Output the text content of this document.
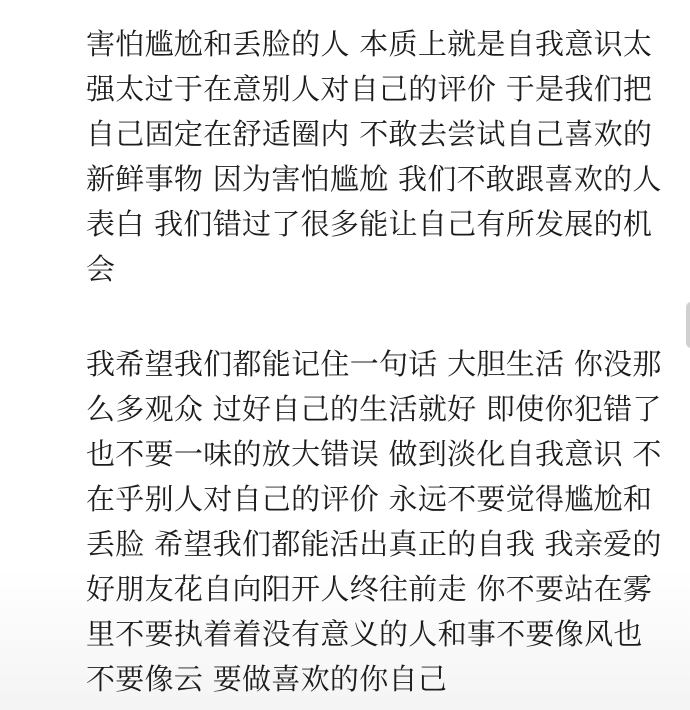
害怕尴尬和丢脸的人 本质上就是自我意识太
强太过于在意别人对自己的评价 于是我们把
自己固定在舒适圈内 不敢去尝试自己喜欢的
新鲜事物 因为害怕尴尬 我们不敢跟喜欢的人
表白 我们错过了很多能让自己有所发展的机
会
我希望我们都能记住一句话 大胆生活 你没那
么多观众 过好自己的生活就好 即使你犯错了
也不要一味的放大错误 做到淡化自我意识 不
在乎别人对自己的评价 永远不要觉得尴尬和
丢脸 希望我们都能活出真正的自我 我亲爱的
好朋友花自向阳开人终往前走 你不要站在雾
里不要执着着没有意义的人和事不要像风也
不要像云 要做喜欢的你自己
